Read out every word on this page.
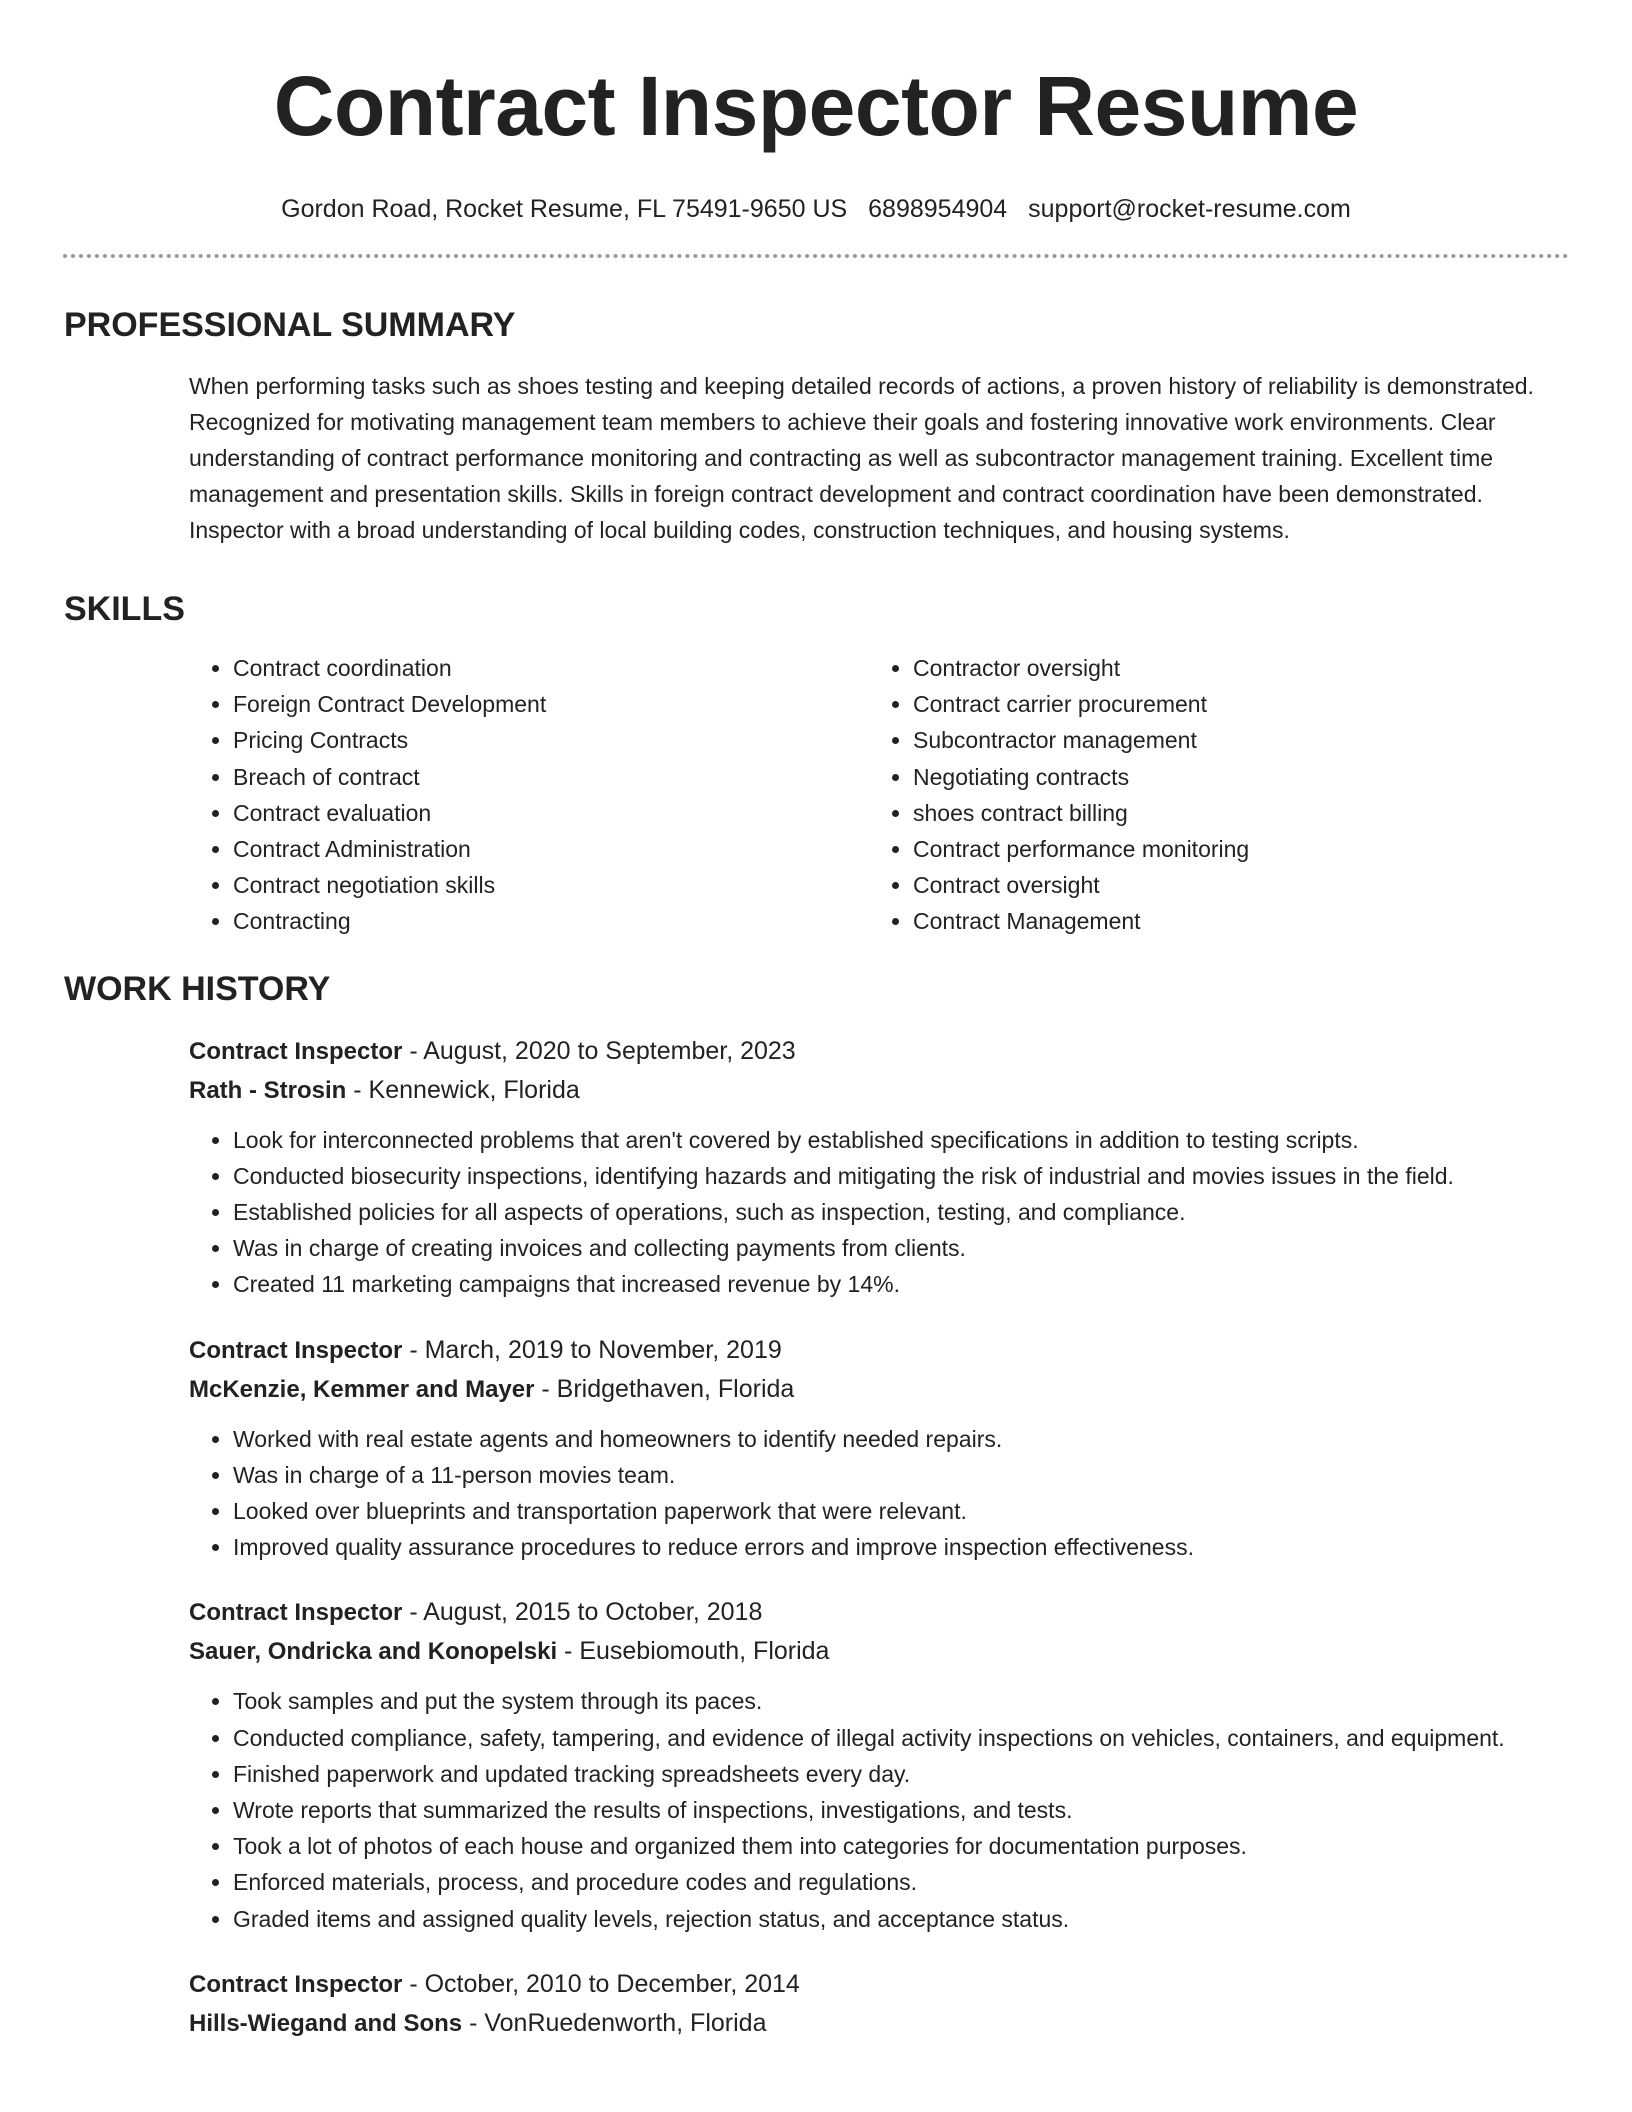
Contract Inspector Resume
Gordon Road, Rocket Resume, FL 75491-9650 US 6898954904 support@rocket-resume.com
PROFESSIONAL SUMMARY

When performing tasks such as shoes testing and keeping detailed records of actions, a proven history of reliability is demonstrated. Recognized for motivating management team members to achieve their goals and fostering innovative work environments. Clear understanding of contract performance monitoring and contracting as well as subcontractor management training. Excellent time management and presentation skills. Skills in foreign contract development and contract coordination have been demonstrated. Inspector with a broad understanding of local building codes, construction techniques, and housing systems.

SKILLS
• Contract coordination
• Foreign Contract Development
• Pricing Contracts
• Breach of contract
• Contract evaluation
• Contract Administration
• Contract negotiation skills
• Contracting
• Contractor oversight
• Contract carrier procurement
• Subcontractor management
• Negotiating contracts
• shoes contract billing
• Contract performance monitoring
• Contract oversight
• Contract Management
WORK HISTORY
Contract Inspector - August, 2020 to September, 2023
Rath - Strosin - Kennewick, Florida
• Look for interconnected problems that aren't covered by established specifications in addition to testing scripts.
• Conducted biosecurity inspections, identifying hazards and mitigating the risk of industrial and movies issues in the field.
• Established policies for all aspects of operations, such as inspection, testing, and compliance.
• Was in charge of creating invoices and collecting payments from clients.
• Created 11 marketing campaigns that increased revenue by 14%.
Contract Inspector - March, 2019 to November, 2019
McKenzie, Kemmer and Mayer - Bridgethaven, Florida
• Worked with real estate agents and homeowners to identify needed repairs.
• Was in charge of a 11-person movies team.
• Looked over blueprints and transportation paperwork that were relevant.
• Improved quality assurance procedures to reduce errors and improve inspection effectiveness.
Contract Inspector - August, 2015 to October, 2018
Sauer, Ondricka and Konopelski - Eusebiomouth, Florida
• Took samples and put the system through its paces.
• Conducted compliance, safety, tampering, and evidence of illegal activity inspections on vehicles, containers, and equipment.
• Finished paperwork and updated tracking spreadsheets every day.
• Wrote reports that summarized the results of inspections, investigations, and tests.
• Took a lot of photos of each house and organized them into categories for documentation purposes.
• Enforced materials, process, and procedure codes and regulations.
• Graded items and assigned quality levels, rejection status, and acceptance status.
Contract Inspector - October, 2010 to December, 2014
Hills-Wiegand and Sons - VonRuedenworth, Florida
